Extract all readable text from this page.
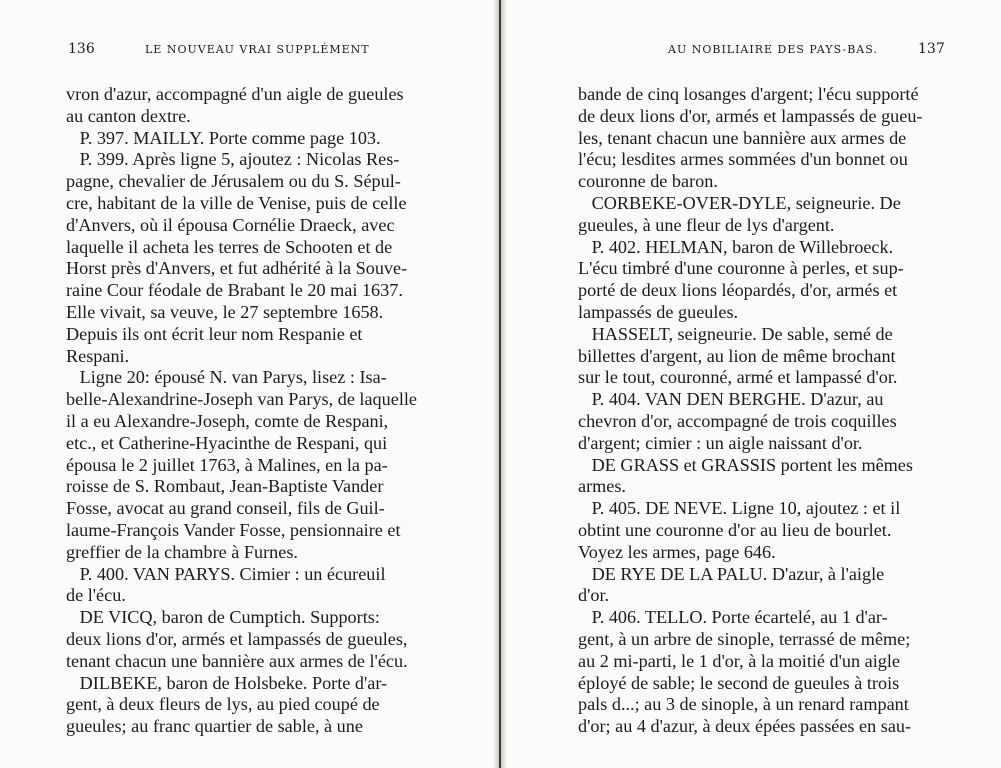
136	LE NOUVEAU VRAI SUPPLÉMENT
vron d'azur, accompagné d'un aigle de gueules
au canton dextre.
P. 397. MAILLY. Porte comme page 103.
P. 399. Après ligne 5, ajoutez : Nicolas Res-
pagne, chevalier de Jérusalem ou du S. Sépul-
cre, habitant de la ville de Venise, puis de celle
d'Anvers, où il épousa Cornélie Draeck, avec
laquelle il acheta les terres de Schooten et de
Horst près d'Anvers, et fut adhérité à la Souve-
raine Cour féodale de Brabant le 20 mai 1637.
Elle vivait, sa veuve, le 27 septembre 1658.
Depuis ils ont écrit leur nom Respanie et
Respani.
Ligne 20: épousé N. van Parys, lisez : Isa-
belle-Alexandrine-Joseph van Parys, de laquelle
il a eu Alexandre-Joseph, comte de Respani,
etc., et Catherine-Hyacinthe de Respani, qui
épousa le 2 juillet 1763, à Malines, en la pa-
roisse de S. Rombaut, Jean-Baptiste Vander
Fosse, avocat au grand conseil, fils de Guil-
laume-François Vander Fosse, pensionnaire et
greffier de la chambre à Furnes.
P. 400. VAN PARYS. Cimier : un écureuil
de l'écu.
DE VICQ, baron de Cumptich. Supports:
deux lions d'or, armés et lampassés de gueules,
tenant chacun une bannière aux armes de l'écu.
DILBEKE, baron de Holsbeke. Porte d'ar-
gent, à deux fleurs de lys, au pied coupé de
gueules; au franc quartier de sable, à une
AU NOBILIAIRE DES PAYS-BAS.	137
bande de cinq losanges d'argent; l'écu supporté
de deux lions d'or, armés et lampassés de gueu-
les, tenant chacun une bannière aux armes de
l'écu; lesdites armes sommées d'un bonnet ou
couronne de baron.
CORBEKE-OVER-DYLE, seigneurie. De
gueules, à une fleur de lys d'argent.
P. 402. HELMAN, baron de Willebroeck.
L'écu timbré d'une couronne à perles, et sup-
porté de deux lions léopardés, d'or, armés et
lampassés de gueules.
HASSELT, seigneurie. De sable, semé de
billettes d'argent, au lion de même brochant
sur le tout, couronné, armé et lampassé d'or.
P. 404. VAN DEN BERGHE. D'azur, au
chevron d'or, accompagné de trois coquilles
d'argent; cimier : un aigle naissant d'or.
DE GRASS et GRASSIS portent les mêmes
armes.
P. 405. DE NEVE. Ligne 10, ajoutez : et il
obtint une couronne d'or au lieu de bourlet.
Voyez les armes, page 646.
DE RYE DE LA PALU. D'azur, à l'aigle
d'or.
P. 406. TELLO. Porte écartelé, au 1 d'ar-
gent, à un arbre de sinople, terrassé de même;
au 2 mi-parti, le 1 d'or, à la moitié d'un aigle
éployé de sable; le second de gueules à trois
pals d...; au 3 de sinople, à un renard rampant
d'or; au 4 d'azur, à deux épées passées en sau-
